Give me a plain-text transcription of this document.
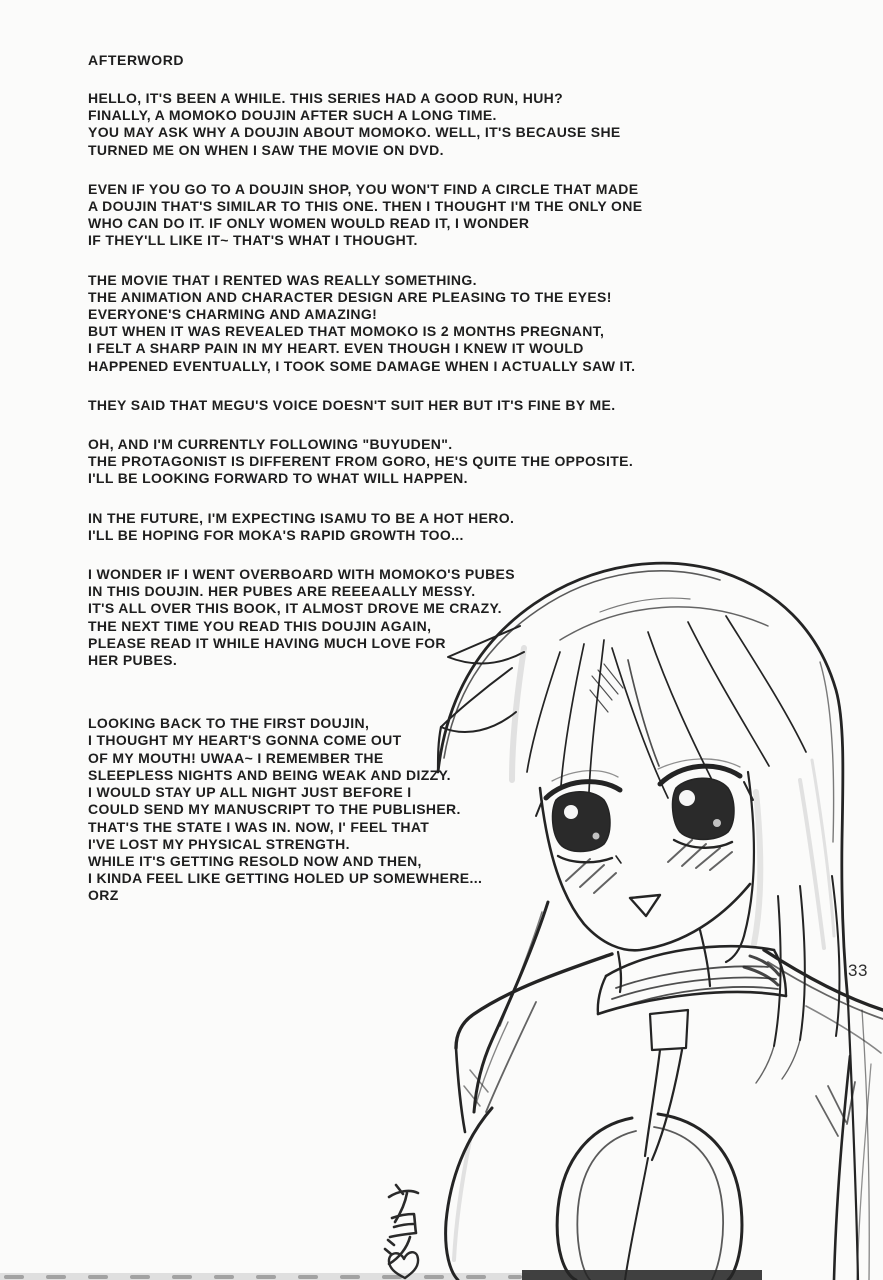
AFTERWORD
HELLO, IT'S BEEN A WHILE. THIS SERIES HAD A GOOD RUN, HUH?
FINALLY, A MOMOKO DOUJIN AFTER SUCH A LONG TIME.
YOU MAY ASK WHY A DOUJIN ABOUT MOMOKO. WELL, IT'S BECAUSE SHE
TURNED ME ON WHEN I SAW THE MOVIE ON DVD.
EVEN IF YOU GO TO A DOUJIN SHOP, YOU WON'T FIND A CIRCLE THAT MADE
A DOUJIN THAT'S SIMILAR TO THIS ONE. THEN I THOUGHT I'M THE ONLY ONE
WHO CAN DO IT. IF ONLY WOMEN WOULD READ IT, I WONDER
IF THEY'LL LIKE IT~ THAT'S WHAT I THOUGHT.
THE MOVIE THAT I RENTED WAS REALLY SOMETHING.
THE ANIMATION AND CHARACTER DESIGN ARE PLEASING TO THE EYES!
EVERYONE'S CHARMING AND AMAZING!
BUT WHEN IT WAS REVEALED THAT MOMOKO IS 2 MONTHS PREGNANT,
I FELT A SHARP PAIN IN MY HEART. EVEN THOUGH I KNEW IT WOULD
HAPPENED EVENTUALLY, I TOOK SOME DAMAGE WHEN I ACTUALLY SAW IT.
THEY SAID THAT MEGU'S VOICE DOESN'T SUIT HER BUT IT'S FINE BY ME.
OH, AND I'M CURRENTLY FOLLOWING "BUYUDEN".
THE PROTAGONIST IS DIFFERENT FROM GORO, HE'S QUITE THE OPPOSITE.
I'LL BE LOOKING FORWARD TO WHAT WILL HAPPEN.
IN THE FUTURE, I'M EXPECTING ISAMU TO BE A HOT HERO.
I'LL BE HOPING FOR MOKA'S RAPID GROWTH TOO...
I WONDER IF I WENT OVERBOARD WITH MOMOKO'S PUBES
IN THIS DOUJIN. HER PUBES ARE REEEAALLY MESSY.
IT'S ALL OVER THIS BOOK, IT ALMOST DROVE ME CRAZY.
THE NEXT TIME YOU READ THIS DOUJIN AGAIN,
PLEASE READ IT WHILE HAVING MUCH LOVE FOR
HER PUBES.
LOOKING BACK TO THE FIRST DOUJIN,
I THOUGHT MY HEART'S GONNA COME OUT
OF MY MOUTH! UWAA~ I REMEMBER THE
SLEEPLESS NIGHTS AND BEING WEAK AND DIZZY.
I WOULD STAY UP ALL NIGHT JUST BEFORE I
COULD SEND MY MANUSCRIPT TO THE PUBLISHER.
THAT'S THE STATE I WAS IN. NOW, I' FEEL THAT
I'VE LOST MY PHYSICAL STRENGTH.
WHILE IT'S GETTING RESOLD NOW AND THEN,
I KINDA FEEL LIKE GETTING HOLED UP SOMEWHERE...
ORZ
33
